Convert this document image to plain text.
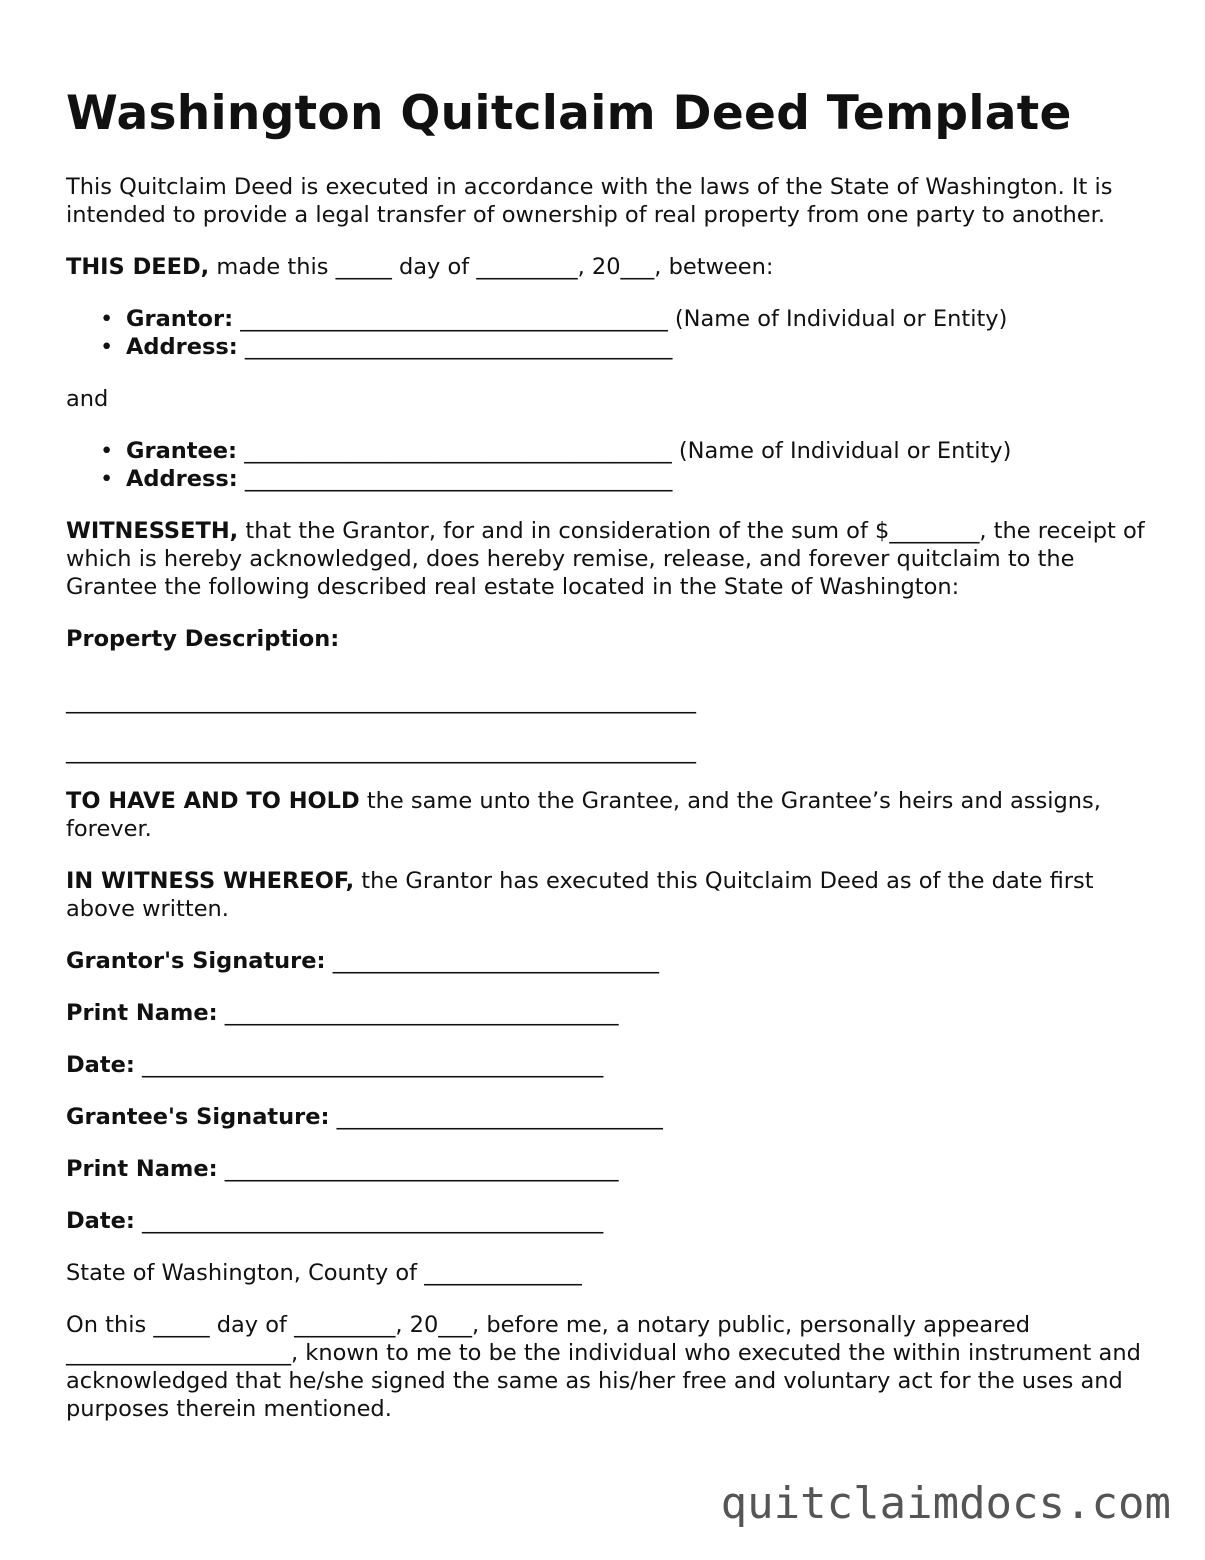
Washington Quitclaim Deed Template

This Quitclaim Deed is executed in accordance with the laws of the State of Washington. It is intended to provide a legal transfer of ownership of real property from one party to another.

THIS DEED, made this _____ day of _________, 20___, between:

• Grantor: ______________________________________ (Name of Individual or Entity)
• Address: ______________________________________

and

• Grantee: ______________________________________ (Name of Individual or Entity)
• Address: ______________________________________

WITNESSETH, that the Grantor, for and in consideration of the sum of $________, the receipt of which is hereby acknowledged, does hereby remise, release, and forever quitclaim to the Grantee the following described real estate located in the State of Washington:

Property Description:

________________________________________________________

________________________________________________________

TO HAVE AND TO HOLD the same unto the Grantee, and the Grantee’s heirs and assigns, forever.

IN WITNESS WHEREOF, the Grantor has executed this Quitclaim Deed as of the date first above written.

Grantor's Signature: _____________________________

Print Name: ___________________________________

Date: _________________________________________

Grantee's Signature: _____________________________

Print Name: ___________________________________

Date: _________________________________________

State of Washington, County of ______________

On this _____ day of _________, 20___, before me, a notary public, personally appeared ____________________, known to me to be the individual who executed the within instrument and acknowledged that he/she signed the same as his/her free and voluntary act for the uses and purposes therein mentioned.

quitclaimdocs.com
